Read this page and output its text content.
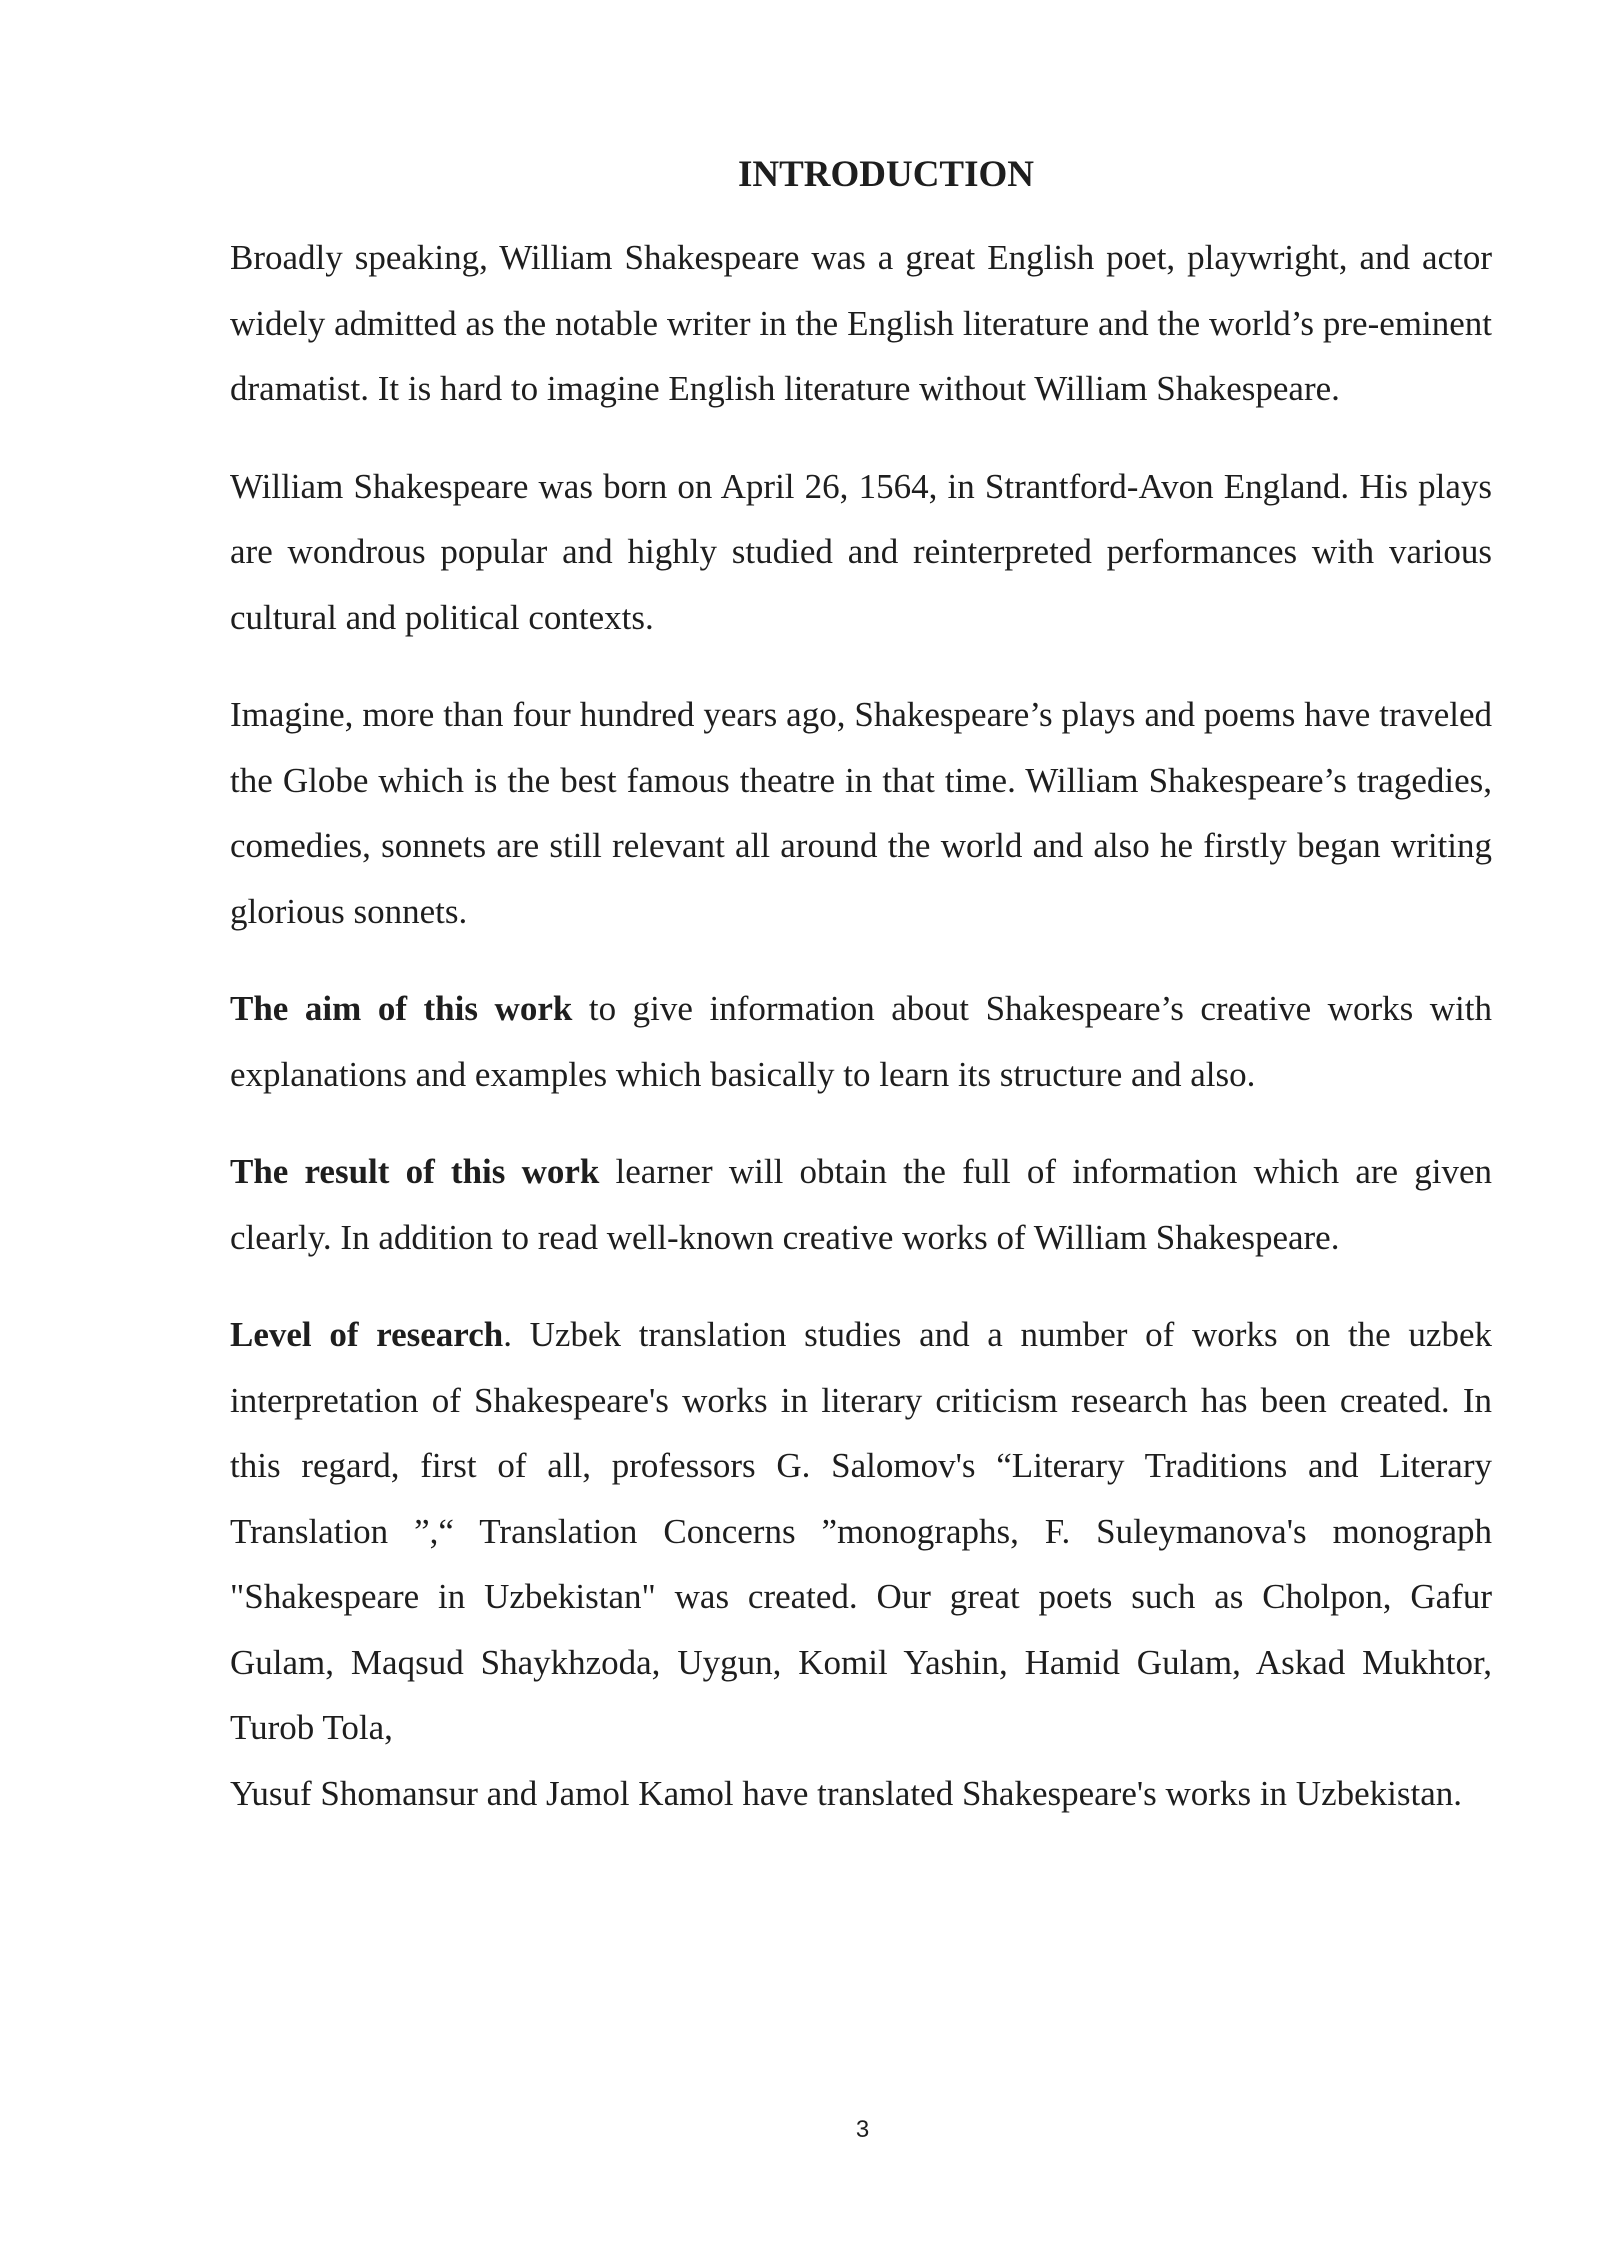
INTRODUCTION

Broadly speaking, William Shakespeare was a great English poet, playwright, and actor widely admitted as the notable writer in the English literature and the world’s pre-eminent dramatist. It is hard to imagine English literature without William Shakespeare.

William Shakespeare was born on April 26, 1564, in Strantford-Avon England. His plays are wondrous popular and highly studied and reinterpreted performances with various cultural and political contexts.

Imagine, more than four hundred years ago, Shakespeare’s plays and poems have traveled the Globe which is the best famous theatre in that time. William Shakespeare’s tragedies, comedies, sonnets are still relevant all around the world and also he firstly began writing glorious sonnets.

The aim of this work to give information about Shakespeare’s creative works with explanations and examples which basically to learn its structure and also.

The result of this work learner will obtain the full of information which are given clearly. In addition to read well-known creative works of William Shakespeare.

Level of research. Uzbek translation studies and a number of works on the uzbek interpretation of Shakespeare's works in literary criticism research has been created. In this regard, first of all, professors G. Salomov's “Literary Traditions and Literary Translation ”,“ Translation Concerns ”monographs, F. Suleymanova's monograph "Shakespeare in Uzbekistan" was created. Our great poets such as Cholpon, Gafur Gulam, Maqsud Shaykhzoda, Uygun, Komil Yashin, Hamid Gulam, Askad Mukhtor, Turob Tola,
Yusuf Shomansur and Jamol Kamol have translated Shakespeare's works in Uzbekistan.

3
